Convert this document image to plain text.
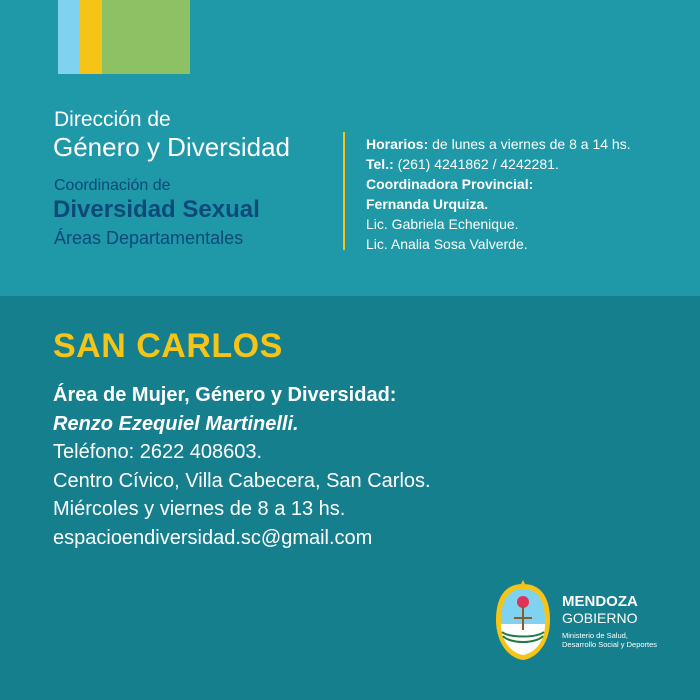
Dirección de
Género y Diversidad
Coordinación de
Diversidad Sexual
Áreas Departamentales
Horarios: de lunes a viernes de 8 a 14 hs.
Tel.: (261) 4241862 / 4242281.
Coordinadora Provincial:
Fernanda Urquiza.
Lic. Gabriela Echenique.
Lic. Analia Sosa Valverde.
SAN CARLOS
Área de Mujer, Género y Diversidad:
Renzo Ezequiel Martinelli.
Teléfono: 2622 408603.
Centro Cívico, Villa Cabecera, San Carlos.
Miércoles y viernes de 8 a 13 hs.
espacioendiversidad.sc@gmail.com
MENDOZA
GOBIERNO
Ministerio de Salud,
Desarrollo Social y Deportes
